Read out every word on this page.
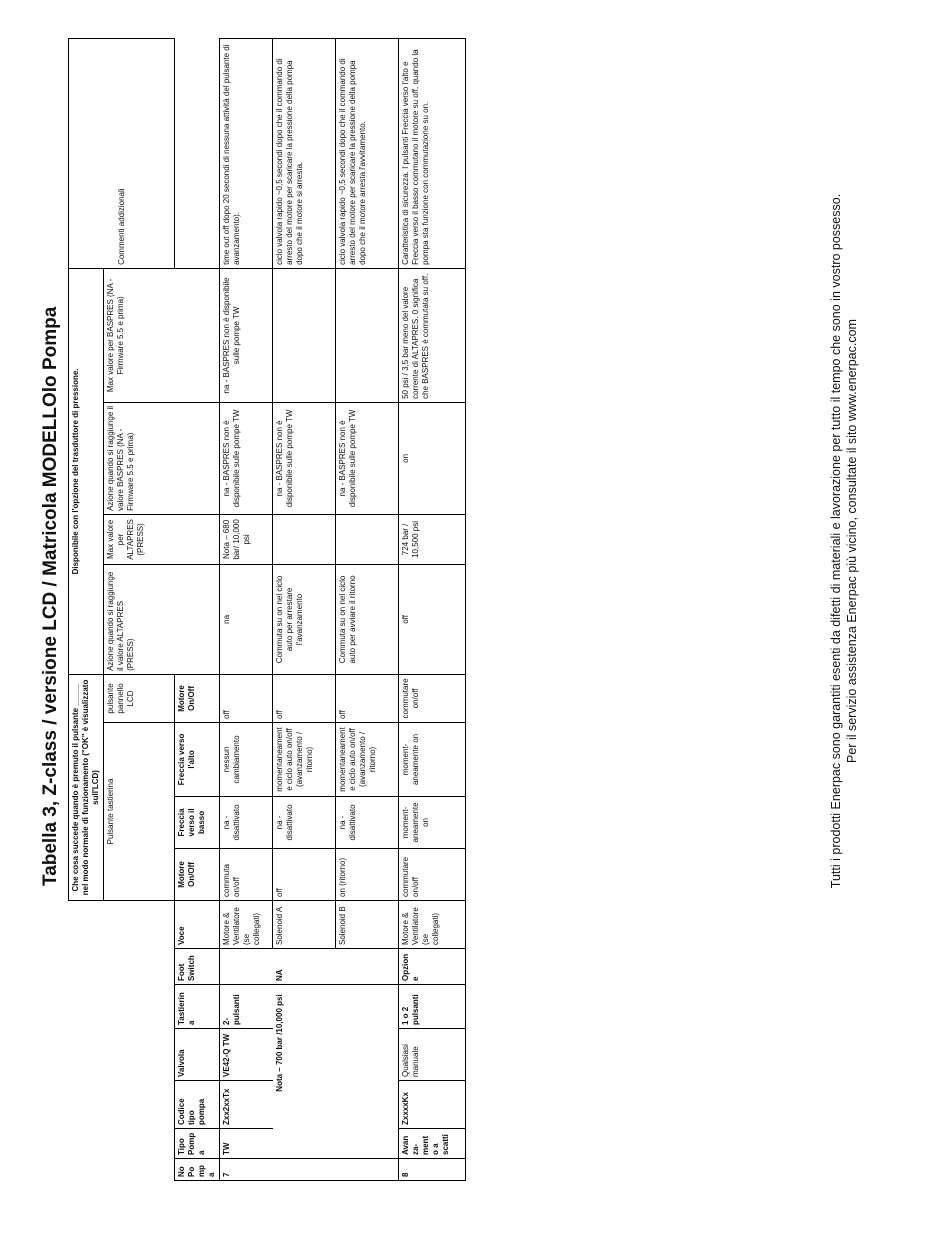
Tabella 3, Z-class / versione LCD / Matricola MODELLOlo Pompa
							Che cosa succede quando è premuto il pulsante _____ nel modo normale di funzionamento ("OK" è visualizzato sull'LCD)				Disponibile con l'opzione del trasduttore di pressione.				Commenti addizionali
							Pulsante tastierina			pulsante pannello LCD	Azione quando si raggiunge il valore ALTAPRES (PRESS)	Max valore per ALTAPRES (PRESS)	Azione quando si raggiunge il valore BASPRES (NA - Firmware 5.5 e prima)	Max valore per BASPRES (NA - Firmware 5.5 e prima)	
No Pompa	Tipo Pompa	Codice tipo pompa	Valvola	Tastierina	Foot Switch	Voce	Motore On/Off	Freccia verso il basso	Freccia verso l'alto	Motore On/Off					
7	TW	Zxx2xxTx	VE42-Q TW	2-pulsanti		Motore & Ventilatore (se collegati)	commuta on/off	na - disattivato	nessun cambiamento	off	na	Nota – 680 bar/ 10,000 psi	na - BASPRES non è disponibile sulle pompe TW	na - BASPRES non è disponibile sulle pompe TW	time out off dopo 20 secondi di nessuna attività del pulsante di avanzamento).
	Nota – 700 bar /10,000 psi				NA	Solenoid A	off	na - disattivato	momentaneament e ciclo auto on/off (avanzamento / ritorno)	off	Commuta su on nel ciclo auto per arrestare l'avanzamento		na - BASPRES non è disponibile sulle pompe TW		ciclo valvola rapido ~0,5 secondi dopo che il commando di arresto del motore per scaricare la pressione della pompa dopo che il motore si arresta.
						Solenoid B	on (ritorno)	na - disattivato	momentaneament e ciclo auto on/off (avanzamento / ritorno)	off	Commuta su on nel ciclo auto per avviare il ritorno		na - BASPRES non è disponibile sulle pompe TW		ciclo valvola rapido ~0,5 secondi dopo che il commando di arresto del motore per scaricare la pressione della pompa dopo che il motore arresta l'avvitamento.
8	Avanza-mento a scatti	ZxxxxKx	Qualsiasi manuale	1 o 2 pulsanti	Opzione	Motore & Ventilatore (se collegati)	commutare on/off	moment-aneamente on	moment-aneamente on	commutare on/off	off	724 bar / 10,500 psi	on	50 psi / 3,5 bar meno del valore corrente di ALTAPRES. 0 significa che BASPRES è commutata su off.	Caratteristica di sicurezza. I pulsanti Freccia verso l'alto e Freccia verso il basso commutano il motore su off, quando la pompa sta funzione con commutazione su on.
Tutti i prodotti Enerpac sono garantiti esenti da difetti di materiali e lavorazione per tutto il tempo che sono in vostro possesso. Per il servizio assistenza Enerpac più vicino, consultate il sito www.enerpac.com
